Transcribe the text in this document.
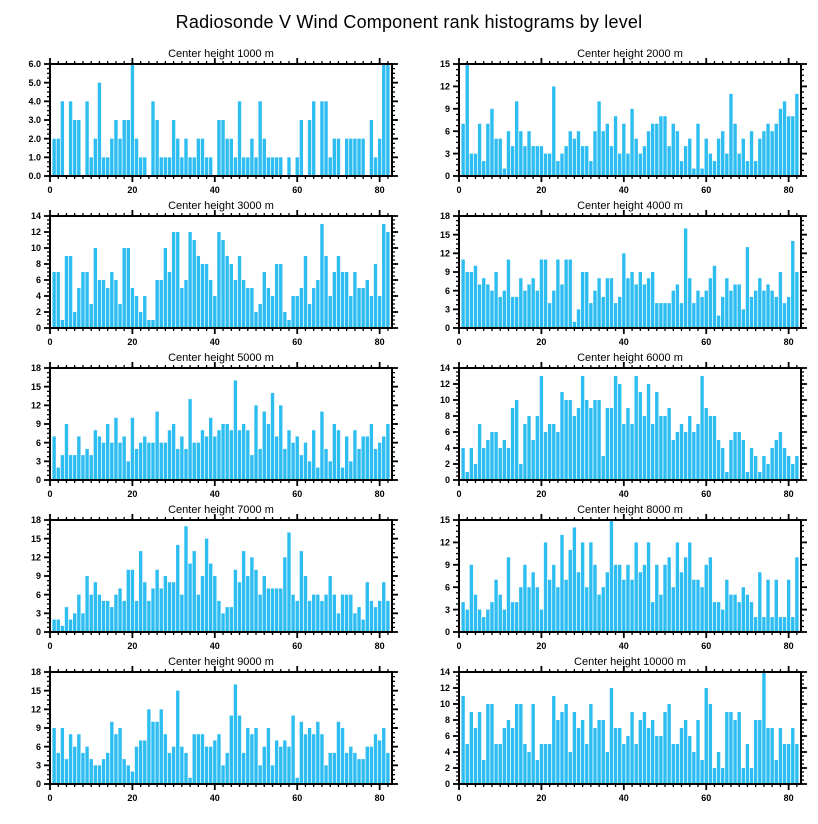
Radiosonde V Wind Component rank histograms by level
Center height 1000 m
0	20	40	60	80
0.0
1.0
2.0
3.0
4.0
5.0
6.0
Center height 2000 m
0	20	40	60	80
0
3
6
9
12
15
Center height 3000 m
0	20	40	60	80
0
2
4
6
8
10
12
14
Center height 4000 m
0	20	40	60	80
0
3
6
9
12
15
18
Center height 5000 m
0	20	40	60	80
0
3
6
9
12
15
18
Center height 6000 m
0	20	40	60	80
0
2
4
6
8
10
12
14
Center height 7000 m
0	20	40	60	80
0
3
6
9
12
15
18
Center height 8000 m
0	20	40	60	80
0
3
6
9
12
15
Center height 9000 m
0	20	40	60	80
0
3
6
9
12
15
18
Center height 10000 m
0	20	40	60	80
0
2
4
6
8
10
12
14
